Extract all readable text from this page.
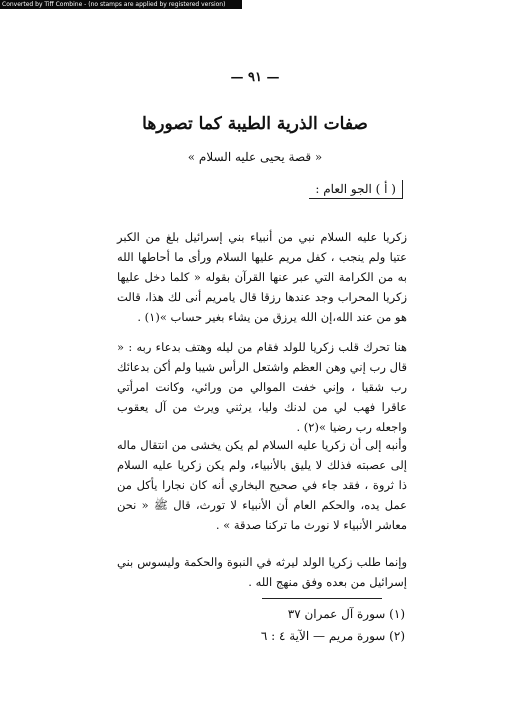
Converted by Tiff Combine - (no stamps are applied by registered version)
— ٩١ —
صفات الذرية الطيبة كما تصورها
« قصة يحيى عليه السلام »
( أ ) الجو العام :

زكريا عليه السلام نبي من أنبياء بني إسرائيل بلغ من الكبر عتيا ولم ينجب ، كفل مريم عليها السلام ورأى ما أحاطها الله به من الكرامة التي عبر عنها القرآن بقوله « كلما دخل عليها زكريا المحراب وجد عندها رزقا قال يامريم أنى لك هذا، قالت هو من عند الله،إن الله يرزق من يشاء بغير حساب »(١) .

هنا تحرك قلب زكريا للولد فقام من ليله وهتف بدعاء ربه : « قال رب إني وهن العظم واشتعل الرأس شيبا ولم أكن بدعائك رب شقيا ، وإني خفت الموالي من ورائي، وكانت امرأتي عاقرا فهب لي من لدنك وليا، يرثني ويرث من آل يعقوب واجعله رب رضيا »(٢) .

وأنبه إلى أن زكريا عليه السلام لم يكن يخشى من انتقال ماله إلى عصبته فذلك لا يليق بالأنبياء، ولم يكن زكريا عليه السلام ذا ثروة ، فقد جاء في صحيح البخاري أنه كان نجارا يأكل من عمل يده، والحكم العام أن الأنبياء لا تورث، قال ﷺ « نحن معاشر الأنبياء لا نورث ما تركنا صدقة » .

وإنما طلب زكريا الولد ليرثه في النبوة والحكمة وليسوس بني إسرائيل من بعده وفق منهج الله .

(١) سورة آل عمران ٣٧
(٢) سورة مريم — الآية ٤ : ٦
